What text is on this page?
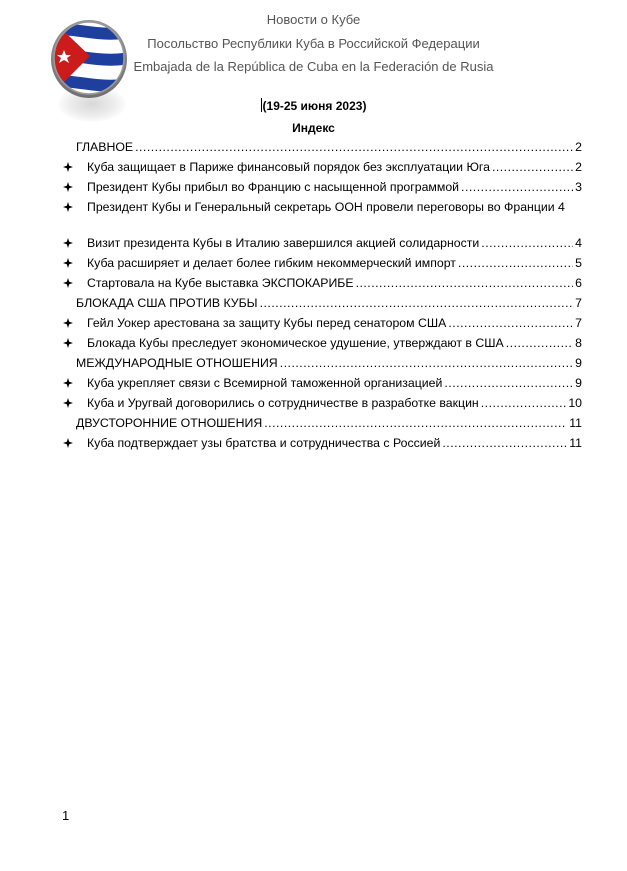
Новости о Кубе
Посольство Республики Куба в Российской Федерации
Embajada de la República de Cuba en la Federación de Rusia
(19-25 июня 2023)
Индекс
ГЛАВНОЕ .....	2
Куба защищает в Париже финансовый порядок без эксплуатации Юга .....	2
Президент Кубы прибыл во Францию с насыщенной программой .....	3
Президент Кубы и Генеральный секретарь ООН провели переговоры во Франции 4
Визит президента Кубы в Италию завершился акцией солидарности .....	4
Куба расширяет и делает более гибким некоммерческий импорт .....	5
Стартовала на Кубе выставка ЭКСПОКАРИБЕ .....	6
БЛОКАДА США ПРОТИВ КУБЫ .....	7
Гейл Уокер арестована за защиту Кубы перед сенатором США .....	7
Блокада Кубы преследует экономическое удушение, утверждают в США .....	8
МЕЖДУНАРОДНЫЕ ОТНОШЕНИЯ .....	9
Куба укрепляет связи с Всемирной таможенной организацией .....	9
Куба и Уругвай договорились о сотрудничестве в разработке вакцин .....	10
ДВУСТОРОННИЕ ОТНОШЕНИЯ .....	11
Куба подтверждает узы братства и сотрудничества с Россией .....	11
1
